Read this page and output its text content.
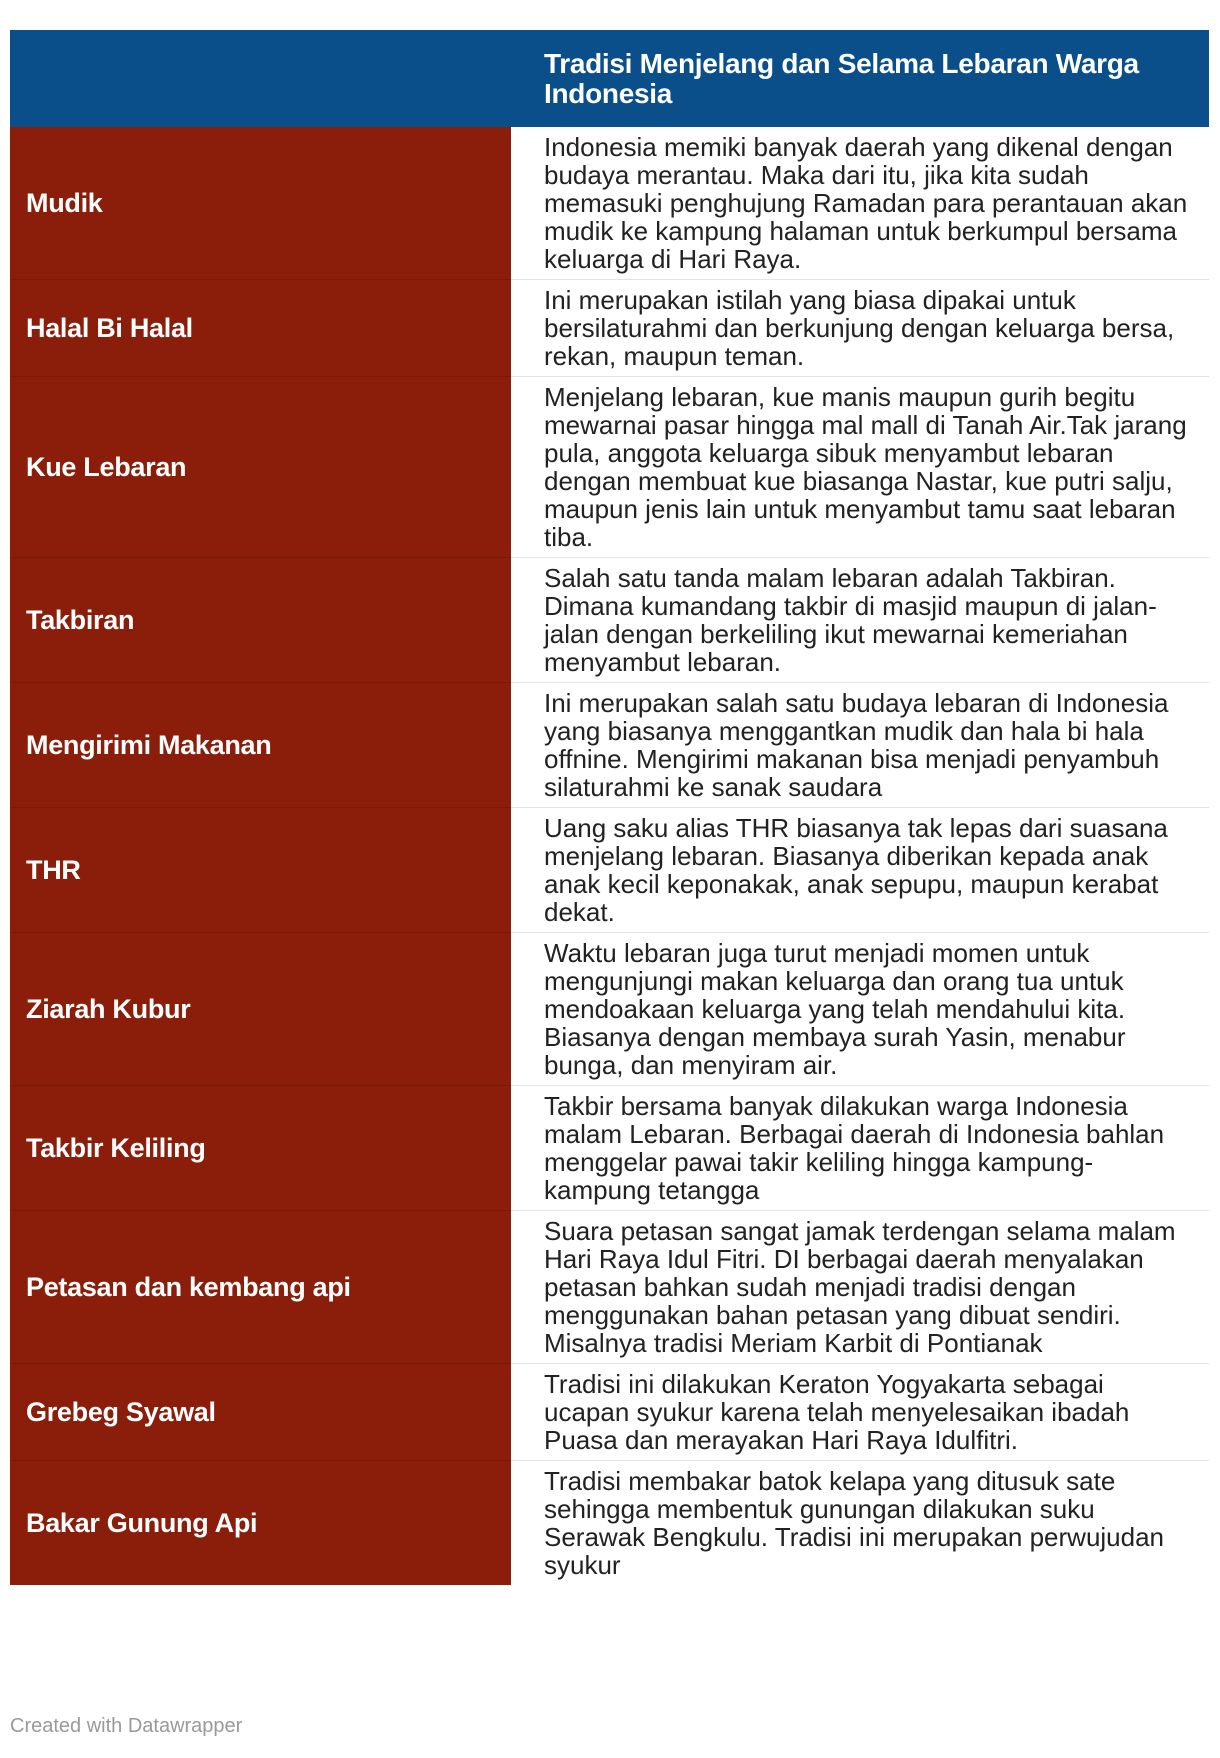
	Tradisi Menjelang dan Selama Lebaran Warga Indonesia
Mudik	Indonesia memiki banyak daerah yang dikenal dengan budaya merantau. Maka dari itu, jika kita sudah memasuki penghujung Ramadan para perantauan akan mudik ke kampung halaman untuk berkumpul bersama keluarga di Hari Raya.
Halal Bi Halal	Ini merupakan istilah yang biasa dipakai untuk bersilaturahmi dan berkunjung dengan keluarga bersa, rekan, maupun teman.
Kue Lebaran	Menjelang lebaran, kue manis maupun gurih begitu mewarnai pasar hingga mal mall di Tanah Air.Tak jarang pula, anggota keluarga sibuk menyambut lebaran dengan membuat kue biasanga Nastar, kue putri salju, maupun jenis lain untuk menyambut tamu saat lebaran tiba.
Takbiran	Salah satu tanda malam lebaran adalah Takbiran. Dimana kumandang takbir di masjid maupun di jalan-jalan dengan berkeliling ikut mewarnai kemeriahan menyambut lebaran.
Mengirimi Makanan	Ini merupakan salah satu budaya lebaran di Indonesia yang biasanya menggantkan mudik dan hala bi hala offnine. Mengirimi makanan bisa menjadi penyambuh silaturahmi ke sanak saudara
THR	Uang saku alias THR biasanya tak lepas dari suasana menjelang lebaran. Biasanya diberikan kepada anak anak kecil keponakak, anak sepupu, maupun kerabat dekat.
Ziarah Kubur	Waktu lebaran juga turut menjadi momen untuk mengunjungi makan keluarga dan orang tua untuk mendoakaan keluarga yang telah mendahului kita. Biasanya dengan membaya surah Yasin, menabur bunga, dan menyiram air.
Takbir Keliling	Takbir bersama banyak dilakukan warga Indonesia malam Lebaran. Berbagai daerah di Indonesia bahlan menggelar pawai takir keliling hingga kampung-kampung tetangga
Petasan dan kembang api	Suara petasan sangat jamak terdengan selama malam Hari Raya Idul Fitri. DI berbagai daerah menyalakan petasan bahkan sudah menjadi tradisi dengan menggunakan bahan petasan yang dibuat sendiri. Misalnya tradisi Meriam Karbit di Pontianak
Grebeg Syawal	Tradisi ini dilakukan Keraton Yogyakarta sebagai ucapan syukur karena telah menyelesaikan ibadah Puasa dan merayakan Hari Raya Idulfitri.
Bakar Gunung Api	Tradisi membakar batok kelapa yang ditusuk sate sehingga membentuk gunungan dilakukan suku Serawak Bengkulu. Tradisi ini merupakan perwujudan syukur
Created with Datawrapper
